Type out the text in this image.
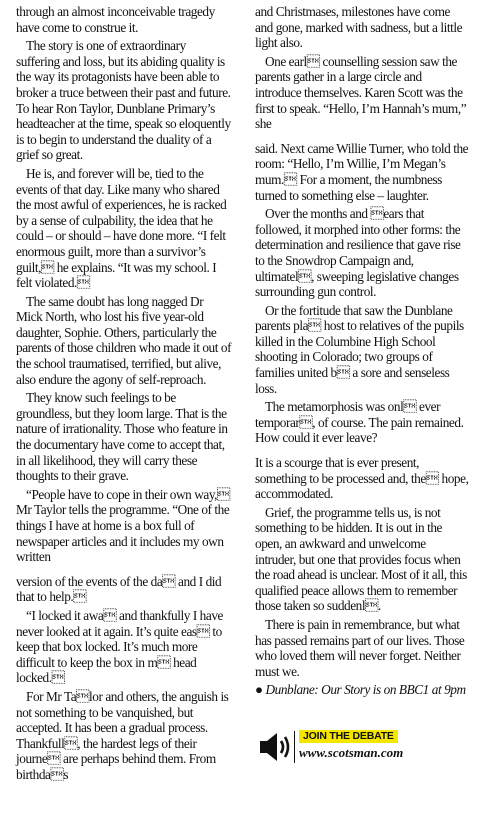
through an almost inconceivable tragedy have come to construe it.

The story is one of extraordinary suffering and loss, but its abiding quality is the way its protagonists have been able to broker a truce between their past and future. To hear Ron Taylor, Dunblane Primary’s headteacher at the time, speak so eloquently is to begin to understand the duality of a grief so great.

He is, and forever will be, tied to the events of that day. Like many who shared the most awful of experiences, he is racked by a sense of culpability, the idea that he could – or should – have done more. “I felt enormous guilt, more than a survivor’s guilt, he explains. “It was my school. I felt violated.

The same doubt has long nagged Dr Mick North, who lost his five year-old daughter, Sophie. Others, particularly the parents of those children who made it out of the school traumatised, terrified, but alive, also endure the agony of self-reproach.

They know such feelings to be groundless, but they loom large. That is the nature of irrationality. Those who feature in the documentary have come to accept that, in all likelihood, they will carry these thoughts to their grave.

“People have to cope in their own way, Mr Taylor tells the programme. “One of the things I have at home is a box full of newspaper articles and it includes my own written

version of the events of the da and I did that to help.

“I locked it awa and thankfully I have never looked at it again. It’s quite eas to keep that box locked. It’s much more difficult to keep the box in m head locked.

For Mr Talor and others, the anguish is not something to be vanquished, but accepted. It has been a gradual process. Thankfull, the hardest legs of their journe are perhaps behind them. From birthdas

and Christmases, milestones have come and gone, marked with sadness, but a little light also.

One earl counselling session saw the parents gather in a large circle and introduce themselves. Karen Scott was the first to speak. “Hello, I’m Hannah’s mum,” she

said. Next came Willie Turner, who told the room: “Hello, I’m Willie, I’m Megan’s mum. For a moment, the numbness turned to something else – laughter.

Over the months and ears that followed, it morphed into other forms: the determination and resilience that gave rise to the Snowdrop Campaign and, ultimatel, sweeping legislative changes surrounding gun control.

Or the fortitude that saw the Dunblane parents pla host to relatives of the pupils killed in the Columbine High School shooting in Colorado; two groups of families united b a sore and senseless loss.

The metamorphosis was onl ever temporar, of course. The pain remained. How could it ever leave?

It is a scourge that is ever present, something to be processed and, the hope, accommodated.

Grief, the programme tells us, is not something to be hidden. It is out in the open, an awkward and unwelcome intruder, but one that provides focus when the road ahead is unclear. Most of it all, this qualified peace allows them to remember those taken so suddenl.

There is pain in remembrance, but what has passed remains part of our lives. Those who loved them will never forget. Neither must we.

● Dunblane: Our Story is on BBC1 at 9pm

JOIN THE DEBATE
www.scotsman.com
